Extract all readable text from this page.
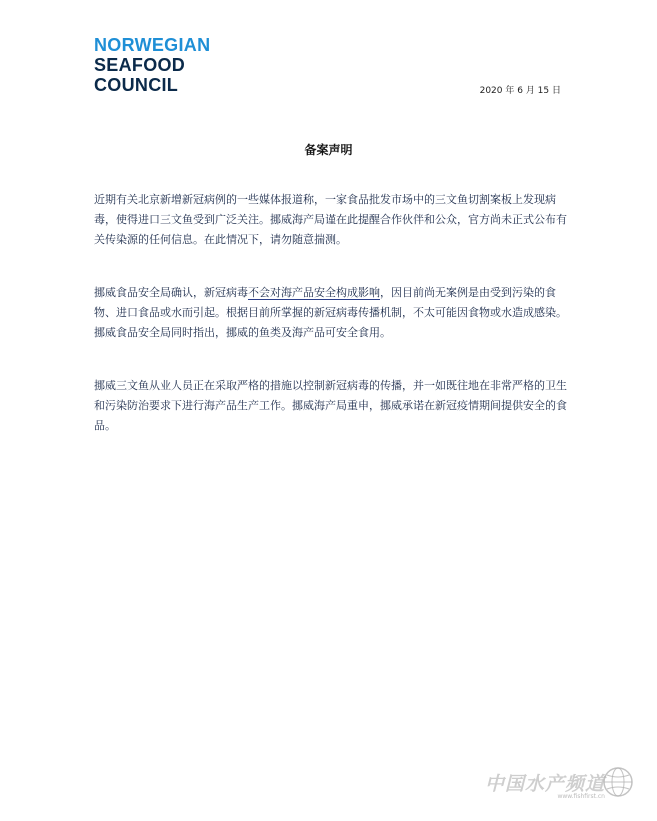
NORWEGIAN
SEAFOOD
COUNCIL	2020 年 6 月 15 日
备案声明

近期有关北京新增新冠病例的一些媒体报道称，一家食品批发市场中的三文鱼切割案板上发现病毒，使得进口三文鱼受到广泛关注。挪威海产局谨在此提醒合作伙伴和公众，官方尚未正式公布有关传染源的任何信息。在此情况下，请勿随意揣测。

挪威食品安全局确认，新冠病毒不会对海产品安全构成影响，因目前尚无案例是由受到污染的食物、进口食品或水而引起。根据目前所掌握的新冠病毒传播机制，不太可能因食物或水造成感染。挪威食品安全局同时指出，挪威的鱼类及海产品可安全食用。

挪威三文鱼从业人员正在采取严格的措施以控制新冠病毒的传播，并一如既往地在非常严格的卫生和污染防治要求下进行海产品生产工作。挪威海产局重申，挪威承诺在新冠疫情期间提供安全的食品。

中国水产频道
www.fishfirst.cn
